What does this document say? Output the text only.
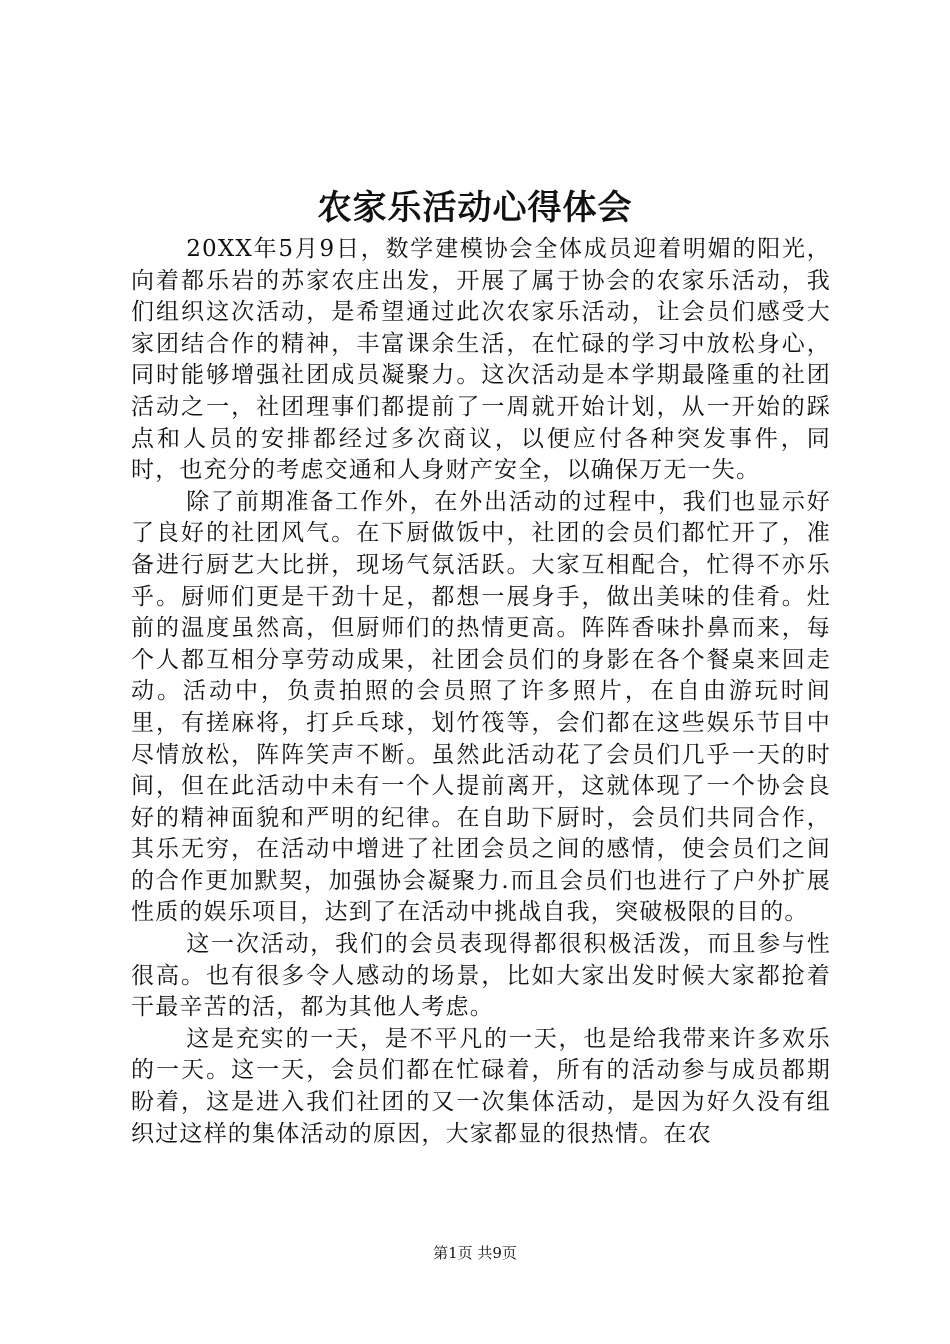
农家乐活动心得体会

20XX年5月9日，数学建模协会全体成员迎着明媚的阳光，向着都乐岩的苏家农庄出发，开展了属于协会的农家乐活动，我们组织这次活动，是希望通过此次农家乐活动，让会员们感受大家团结合作的精神，丰富课余生活，在忙碌的学习中放松身心，同时能够增强社团成员凝聚力。这次活动是本学期最隆重的社团活动之一，社团理事们都提前了一周就开始计划，从一开始的踩点和人员的安排都经过多次商议，以便应付各种突发事件，同时，也充分的考虑交通和人身财产安全，以确保万无一失。

除了前期准备工作外，在外出活动的过程中，我们也显示好了良好的社团风气。在下厨做饭中，社团的会员们都忙开了，准备进行厨艺大比拼，现场气氛活跃。大家互相配合，忙得不亦乐乎。厨师们更是干劲十足，都想一展身手，做出美味的佳肴。灶前的温度虽然高，但厨师们的热情更高。阵阵香味扑鼻而来，每个人都互相分享劳动成果，社团会员们的身影在各个餐桌来回走动。活动中，负责拍照的会员照了许多照片，在自由游玩时间里，有搓麻将，打乒乓球，划竹筏等，会们都在这些娱乐节目中尽情放松，阵阵笑声不断。虽然此活动花了会员们几乎一天的时间，但在此活动中未有一个人提前离开，这就体现了一个协会良好的精神面貌和严明的纪律。在自助下厨时，会员们共同合作，其乐无穷，在活动中增进了社团会员之间的感情，使会员们之间的合作更加默契，加强协会凝聚力.而且会员们也进行了户外扩展性质的娱乐项目，达到了在活动中挑战自我，突破极限的目的。

这一次活动，我们的会员表现得都很积极活泼，而且参与性很高。也有很多令人感动的场景，比如大家出发时候大家都抢着干最辛苦的活，都为其他人考虑。

这是充实的一天，是不平凡的一天，也是给我带来许多欢乐的一天。这一天，会员们都在忙碌着，所有的活动参与成员都期盼着，这是进入我们社团的又一次集体活动，是因为好久没有组织过这样的集体活动的原因，大家都显的很热情。在农

第1页 共9页
